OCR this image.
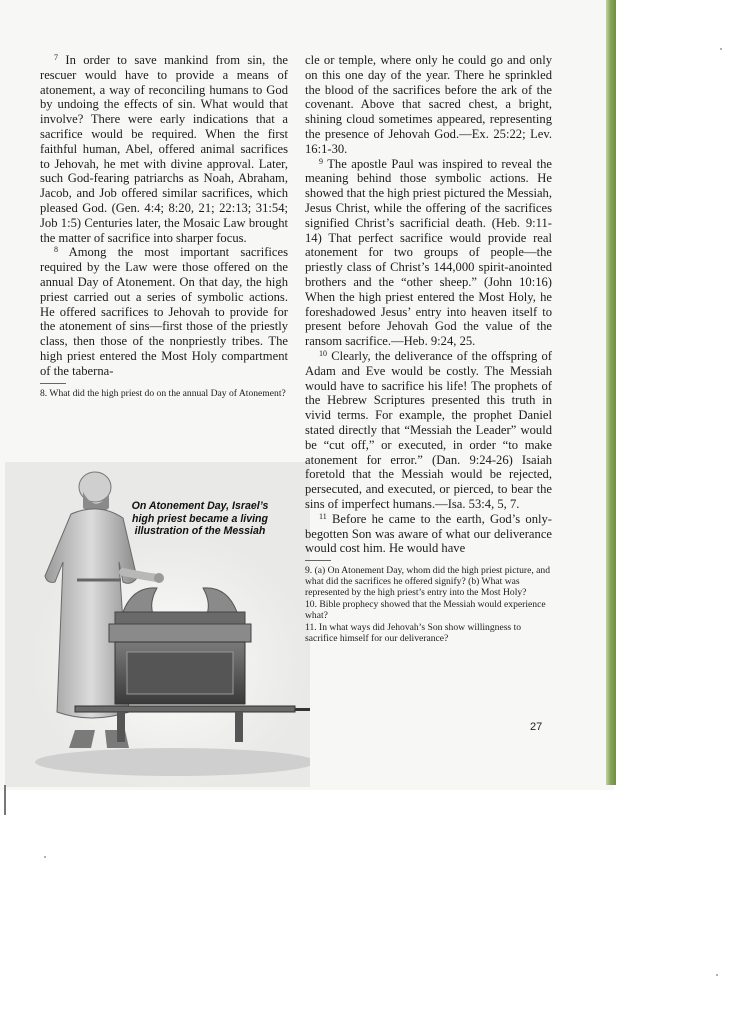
$^7$ In order to save mankind from sin, the rescuer would have to provide a means of atonement, a way of reconciling humans to God by undoing the effects of sin. What would that involve? There were early indications that a sacrifice would be required. When the first faithful human, Abel, offered animal sacrifices to Jehovah, he met with divine approval. Later, such God-fearing patriarchs as Noah, Abraham, Jacob, and Job offered similar sacrifices, which pleased God. (Gen. 4:4; 8:20, 21; 22:13; 31:54; Job 1:5) Centuries later, the Mosaic Law brought the matter of sacrifice into sharper focus.

$^8$ Among the most important sacrifices required by the Law were those offered on the annual Day of Atonement. On that day, the high priest carried out a series of symbolic actions. He offered sacrifices to Jehovah to provide for the atonement of sins—first those of the priestly class, then those of the nonpriestly tribes. The high priest entered the Most Holy compartment of the taberna-

8. What did the high priest do on the annual Day of Atonement?
On Atonement Day, Israel’s high priest became a living illustration of the Messiah

cle or temple, where only he could go and only on this one day of the year. There he sprinkled the blood of the sacrifices before the ark of the covenant. Above that sacred chest, a bright, shining cloud sometimes appeared, representing the presence of Jehovah God.—Ex. 25:22; Lev. 16:1-30.

$^9$ The apostle Paul was inspired to reveal the meaning behind those symbolic actions. He showed that the high priest pictured the Messiah, Jesus Christ, while the offering of the sacrifices signified Christ’s sacrificial death. (Heb. 9:11-14) That perfect sacrifice would provide real atonement for two groups of people—the priestly class of Christ’s 144,000 spirit-anointed brothers and the “other sheep.” (John 10:16) When the high priest entered the Most Holy, he foreshadowed Jesus’ entry into heaven itself to present before Jehovah God the value of the ransom sacrifice.—Heb. 9:24, 25.

$^{10}$ Clearly, the deliverance of the offspring of Adam and Eve would be costly. The Messiah would have to sacrifice his life! The prophets of the Hebrew Scriptures presented this truth in vivid terms. For example, the prophet Daniel stated directly that “Messiah the Leader” would be “cut off,” or executed, in order “to make atonement for error.” (Dan. 9:24-26) Isaiah foretold that the Messiah would be rejected, persecuted, and executed, or pierced, to bear the sins of imperfect humans.—Isa. 53:4, 5, 7.

$^{11}$ Before he came to the earth, God’s only-begotten Son was aware of what our deliverance would cost him. He would have

9. (a) On Atonement Day, whom did the high priest picture, and what did the sacrifices he offered signify? (b) What was represented by the high priest’s entry into the Most Holy?
10. Bible prophecy showed that the Messiah would experience what?
11. In what ways did Jehovah’s Son show willingness to sacrifice himself for our deliverance?
27
